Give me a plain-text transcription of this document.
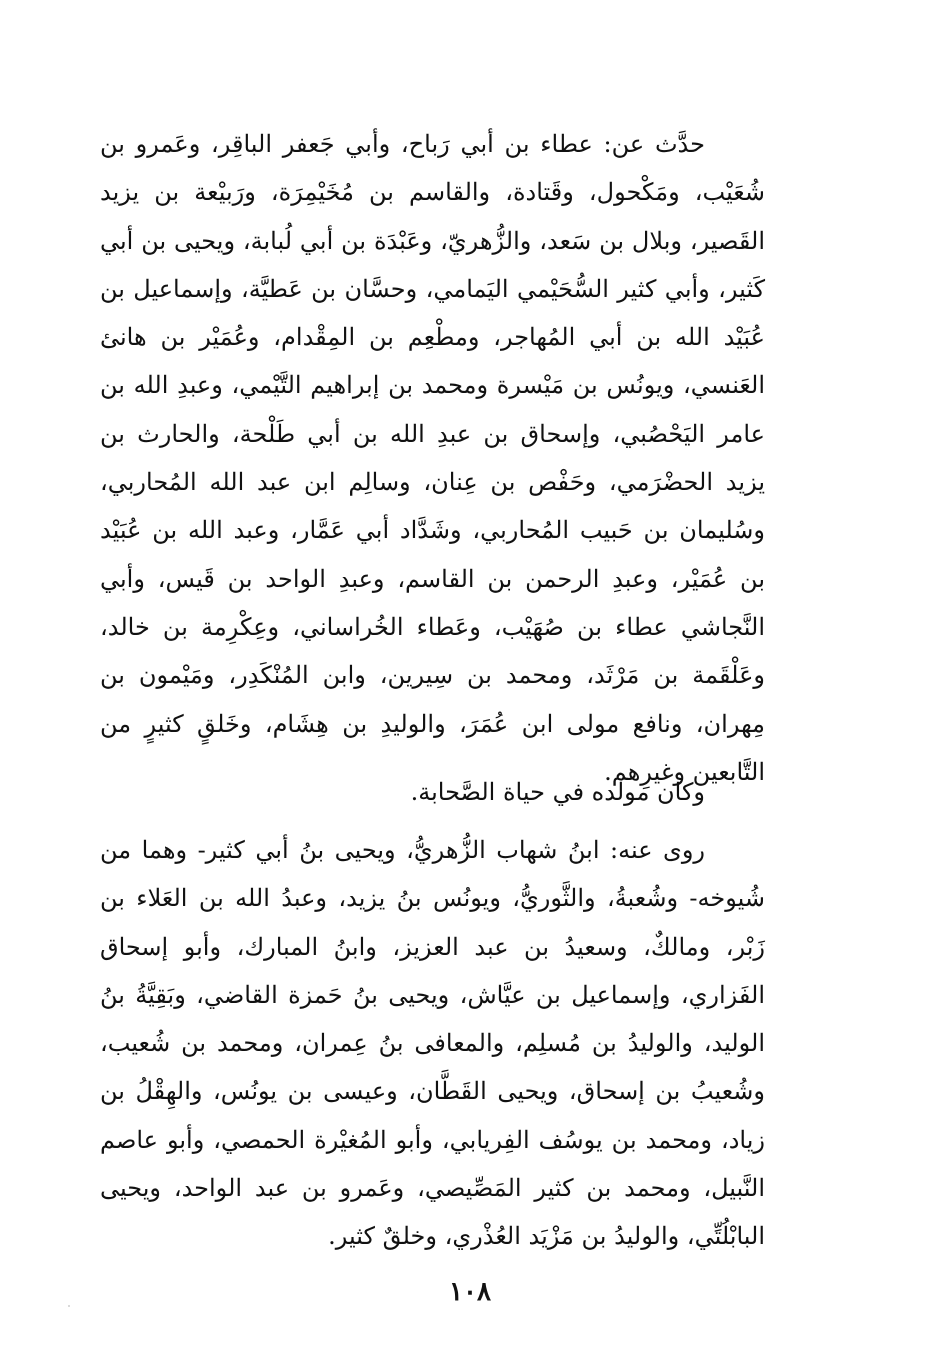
حدَّث عن: عطاء بن أبي رَباح، وأبي جَعفر الباقِر، وعَمرو بن شُعَيْب، ومَكْحول، وقَتادة، والقاسم بن مُخَيْمِرَة، ورَبيْعة بن يزيد القَصير، وبلال بن سَعد، والزُّهريّ، وعَبْدَة بن أبي لُبابة، ويحيى بن أبي كَثير، وأبي كثير السُّحَيْمي اليَمامي، وحسَّان بن عَطيَّة، وإسماعيل بن عُبَيْد الله بن أبي المُهاجر، ومطْعِم بن المِقْدام، وعُمَيْر بن هانئ العَنسي، ويونُس بن مَيْسرة ومحمد بن إبراهيم التَّيْمي، وعبدِ الله بن عامر اليَحْصُبي، وإسحاق بن عبدِ الله بن أبي طَلْحة، والحارث بن يزيد الحضْرَمي، وحَفْص بن عِنان، وسالِم ابن عبد الله المُحاربي، وسُليمان بن حَبيب المُحاربي، وشَدَّاد أبي عَمَّار، وعبد الله بن عُبَيْد بن عُمَيْر، وعبدِ الرحمن بن القاسم، وعبدِ الواحد بن قَيس، وأبي النَّجاشي عطاء بن صُهَيْب، وعَطاء الخُراساني، وعِكْرِمة بن خالد، وعَلْقَمة بن مَرْثَد، ومحمد بن سِيرين، وابن المُنْكَدِر، ومَيْمون بن مِهران، ونافع مولى ابن عُمَرَ، والوليدِ بن هِشَام، وخَلقٍ كثيرٍ من التَّابعين وغيرِهم.

وكان مولده في حياة الصَّحابة.

روى عنه: ابنُ شهاب الزُّهريُّ، ويحيى بنُ أبي كثير- وهما من شُيوخه- وشُعبةُ، والثَّوريُّ، ويونُس بنُ يزيد، وعبدُ الله بن العَلاء بن زَبْر، ومالكٌ، وسعيدُ بن عبد العزيز، وابنُ المبارك، وأبو إسحاق الفَزاري، وإسماعيل بن عيَّاش، ويحيى بنُ حَمزة القاضي، وبَقِيَّةُ بنُ الوليد، والوليدُ بن مُسلِم، والمعافى بنُ عِمران، ومحمد بن شُعيب، وشُعيبُ بن إسحاق، ويحيى القَطَّان، وعيسى بن يونُس، والهِقْلُ بن زياد، ومحمد بن يوسُف الفِريابي، وأبو المُغيْرة الحمصي، وأبو عاصم النَّبيل، ومحمد بن كثير المَصِّيصي، وعَمرو بن عبد الواحد، ويحيى البابْلُتِّي، والوليدُ بن مَزْيَد العُذْري، وخلقٌ كثير.

١٠٨
